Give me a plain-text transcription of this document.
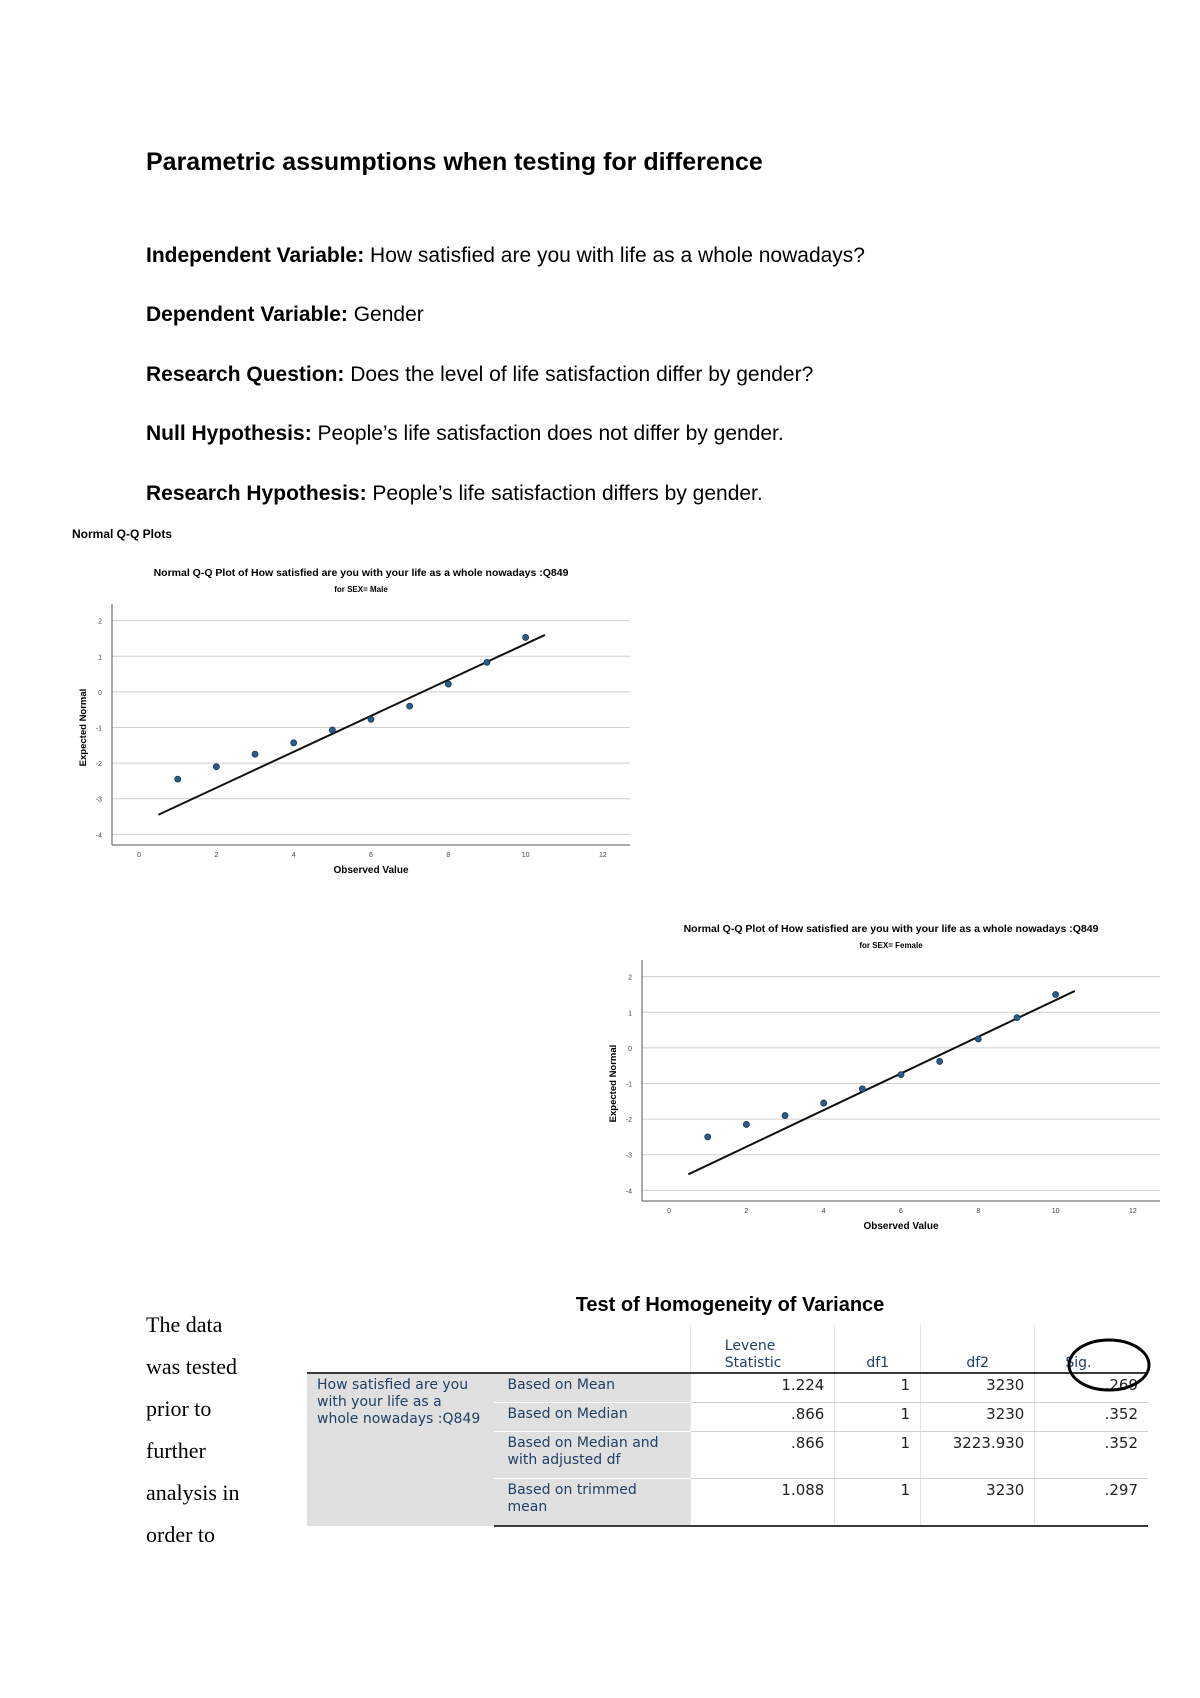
Parametric assumptions when testing for difference
Independent Variable: How satisfied are you with life as a whole nowadays?
Dependent Variable: Gender
Research Question: Does the level of life satisfaction differ by gender?
Null Hypothesis: People’s life satisfaction does not differ by gender.
Research Hypothesis: People’s life satisfaction differs by gender.
Normal Q-Q Plots
Normal Q-Q Plot of How satisfied are you with your life as a whole nowadays :Q849
for SEX= Male
2
1
0
-1
-2
-3
-4
0	2	4	6	8	10	12
Observed Value
Expected Normal
Normal Q-Q Plot of How satisfied are you with your life as a whole nowadays :Q849
for SEX= Female
2
1
0
-1
-2
-3
-4
0	2	4	6	8	10	12
Observed Value
Expected Normal
The data
was tested
prior to
further
analysis in
order to
Test of Homogeneity of Variance

		Levene
Statistic	df1	df2	Sig.
How satisfied are you with your life as a whole nowadays :Q849	Based on Mean	1.224	1	3230	.269
	Based on Median	.866	1	3230	.352
	Based on Median and with adjusted df	.866	1	3223.930	.352
	Based on trimmed mean	1.088	1	3230	.297
